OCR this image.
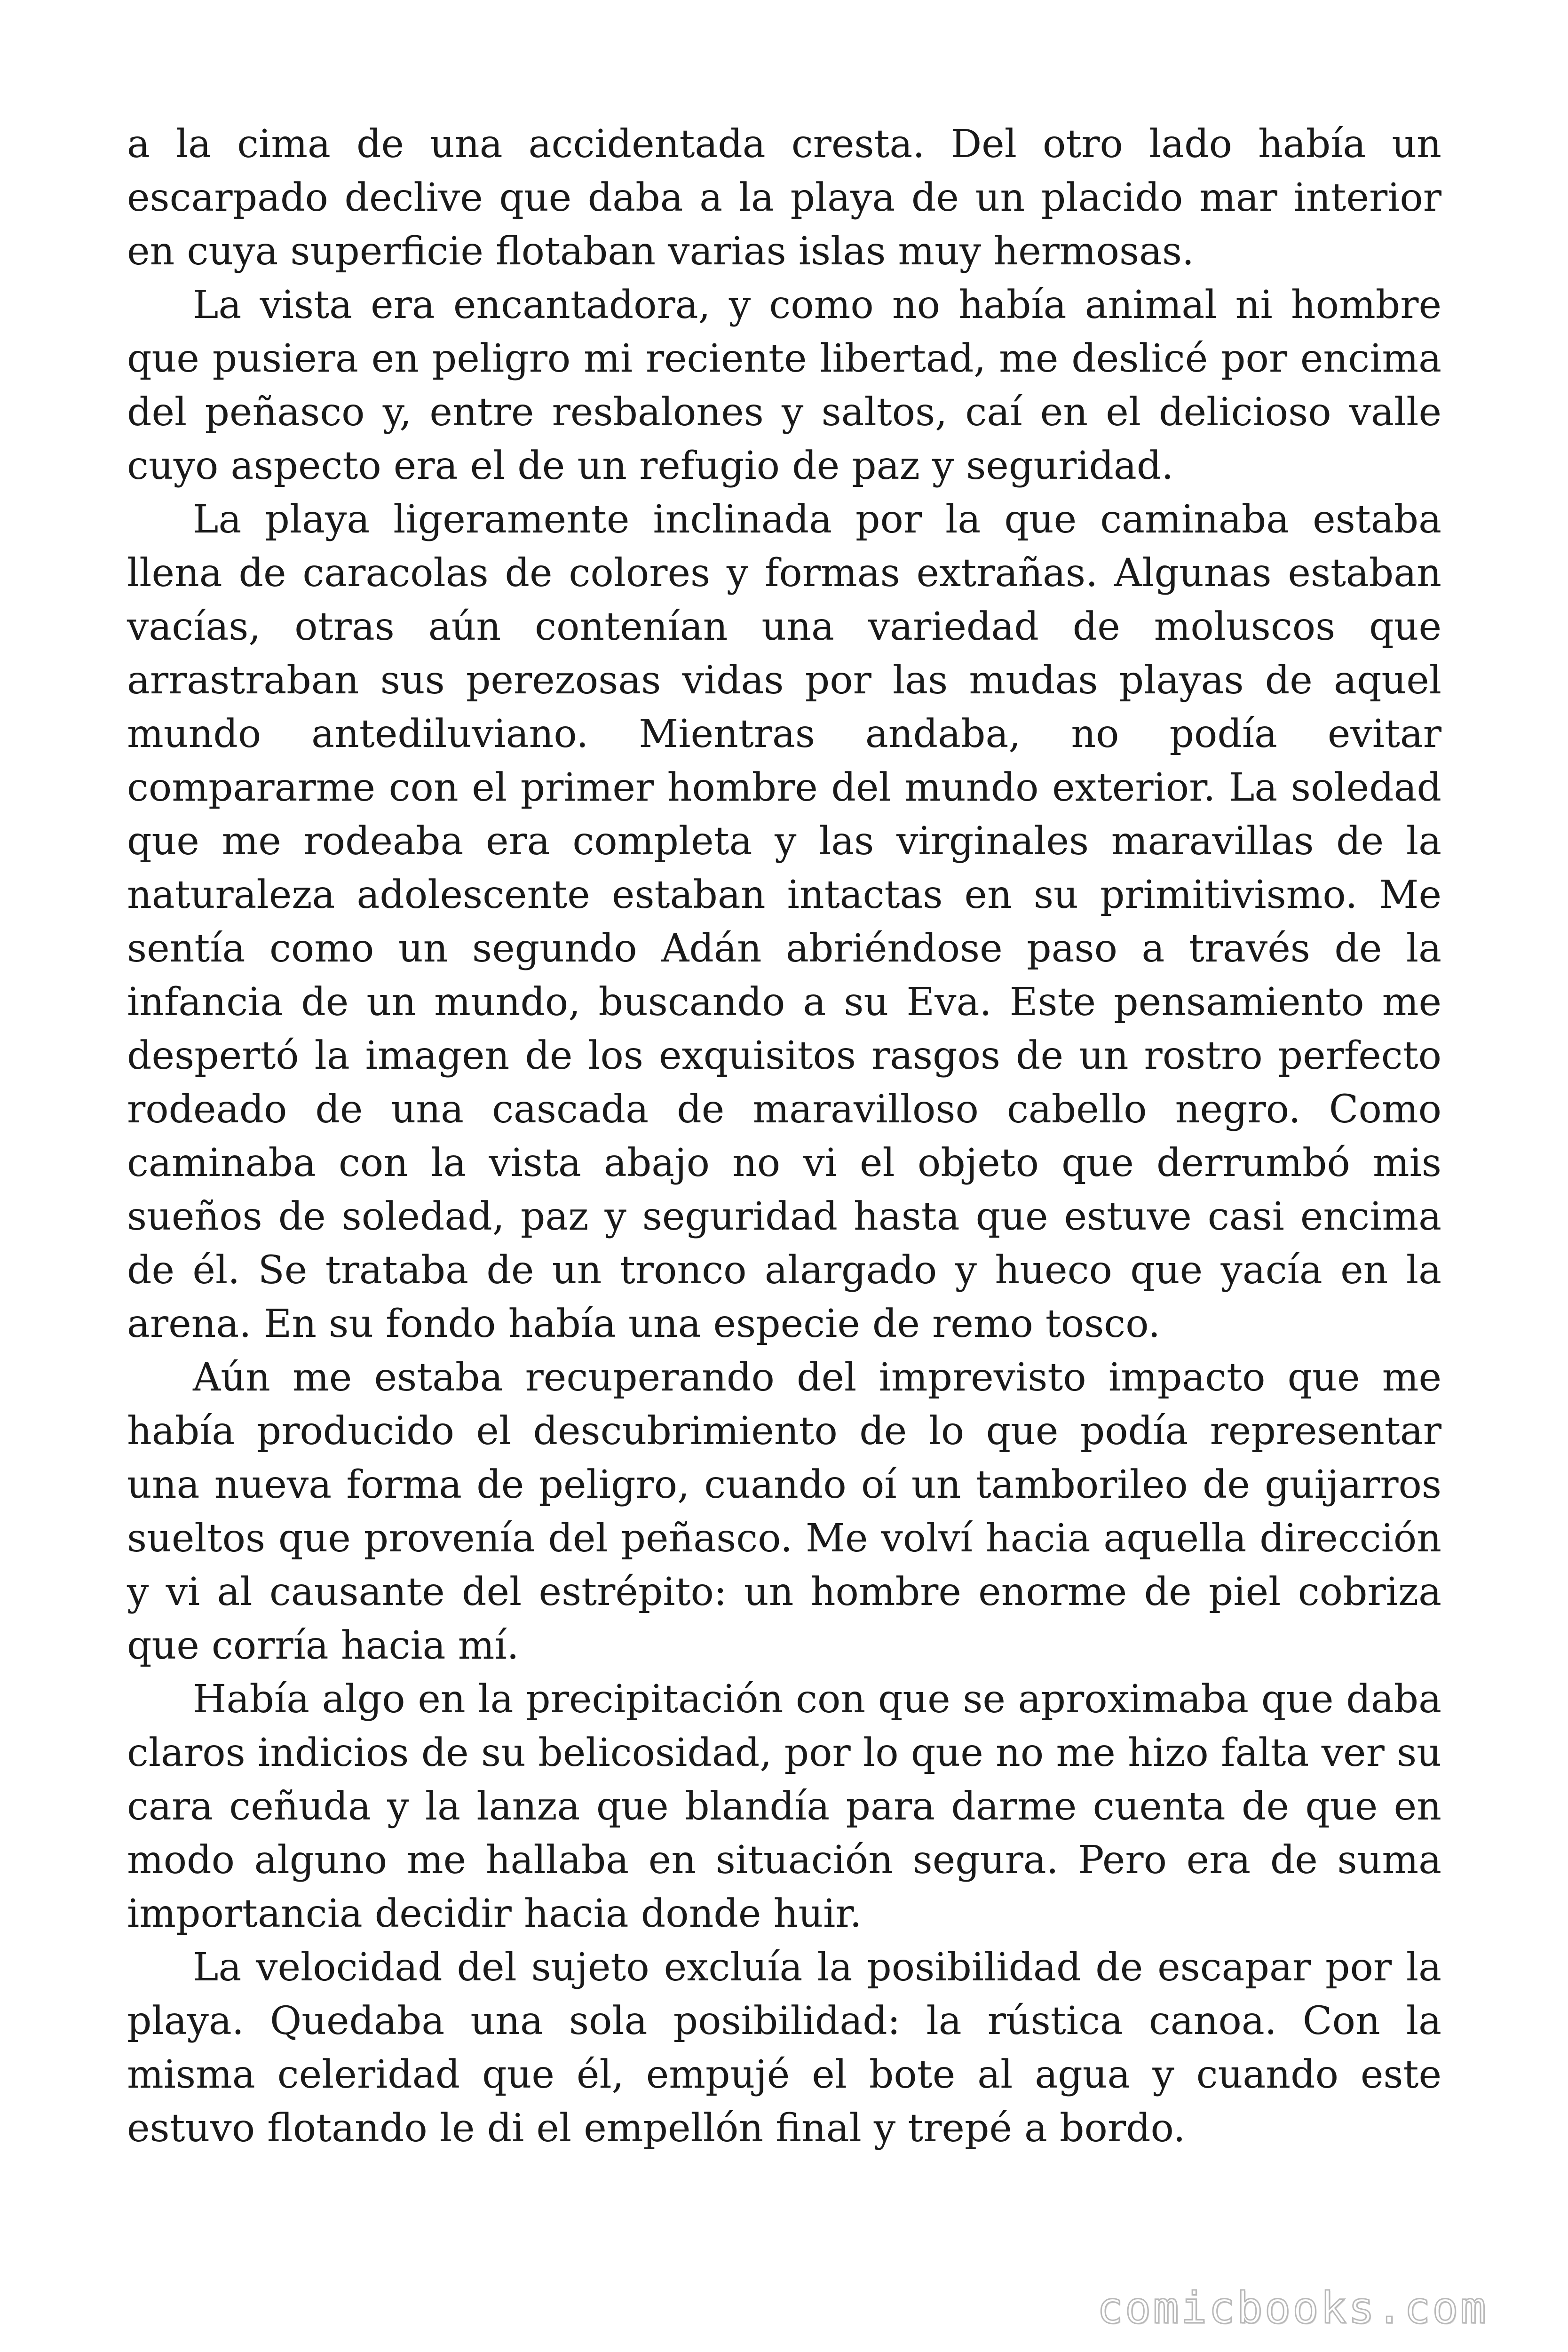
a la cima de una accidentada cresta. Del otro lado había un escarpado declive que daba a la playa de un placido mar interior en cuya superficie flotaban varias islas muy hermosas.

La vista era encantadora, y como no había animal ni hombre que pusiera en peligro mi reciente libertad, me deslicé por encima del peñasco y, entre resbalones y saltos, caí en el delicioso valle cuyo aspecto era el de un refugio de paz y seguridad.

La playa ligeramente inclinada por la que caminaba estaba llena de caracolas de colores y formas extrañas. Algunas estaban vacías, otras aún contenían una variedad de moluscos que arrastraban sus perezosas vidas por las mudas playas de aquel mundo antediluviano. Mientras andaba, no podía evitar compararme con el primer hombre del mundo exterior. La soledad que me rodeaba era completa y las virginales maravillas de la naturaleza adolescente estaban intactas en su primitivismo. Me sentía como un segundo Adán abriéndose paso a través de la infancia de un mundo, buscando a su Eva. Este pensamiento me despertó la imagen de los exquisitos rasgos de un rostro perfecto rodeado de una cascada de maravilloso cabello negro. Como caminaba con la vista abajo no vi el objeto que derrumbó mis sueños de soledad, paz y seguridad hasta que estuve casi encima de él. Se trataba de un tronco alargado y hueco que yacía en la arena. En su fondo había una especie de remo tosco.

Aún me estaba recuperando del imprevisto impacto que me había producido el descubrimiento de lo que podía representar una nueva forma de peligro, cuando oí un tamborileo de guijarros sueltos que provenía del peñasco. Me volví hacia aquella dirección y vi al causante del estrépito: un hombre enorme de piel cobriza que corría hacia mí.

Había algo en la precipitación con que se aproximaba que daba claros indicios de su belicosidad, por lo que no me hizo falta ver su cara ceñuda y la lanza que blandía para darme cuenta de que en modo alguno me hallaba en situación segura. Pero era de suma importancia decidir hacia donde huir.

La velocidad del sujeto excluía la posibilidad de escapar por la playa. Quedaba una sola posibilidad: la rústica canoa. Con la misma celeridad que él, empujé el bote al agua y cuando este estuvo flotando le di el empellón final y trepé a bordo.

comicbooks.com
